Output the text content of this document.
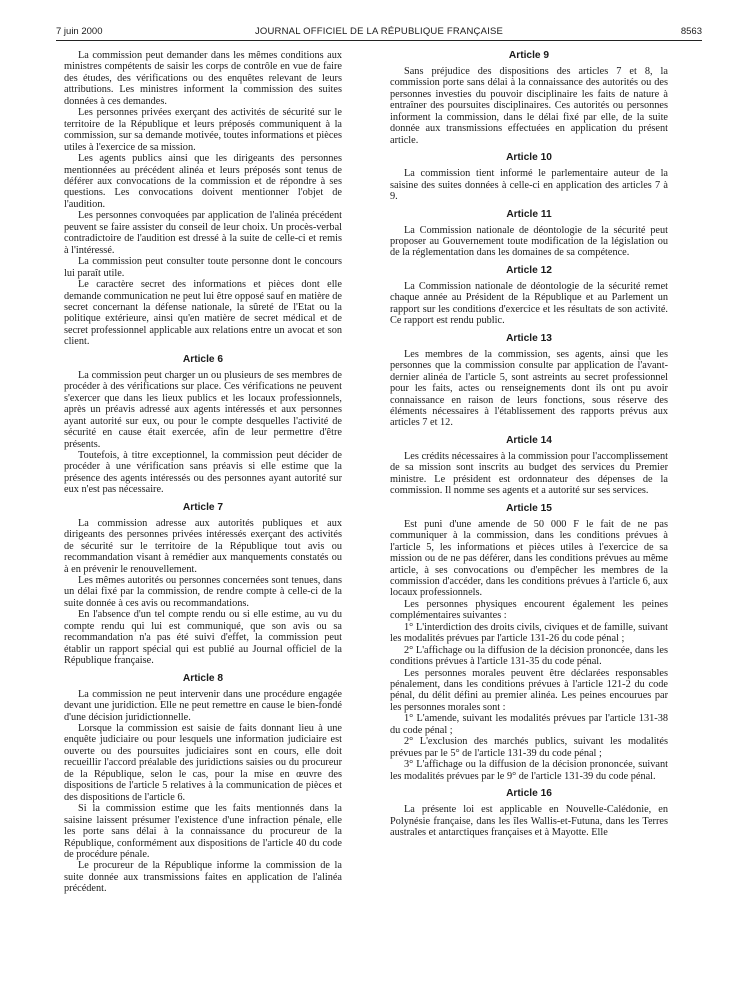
7 juin 2000	JOURNAL OFFICIEL DE LA RÉPUBLIQUE FRANÇAISE	8563

La commission peut demander dans les mêmes conditions aux ministres compétents de saisir les corps de contrôle en vue de faire des études, des vérifications ou des enquêtes relevant de leurs attributions. Les ministres informent la commission des suites données à ces demandes.

Les personnes privées exerçant des activités de sécurité sur le territoire de la République et leurs préposés communiquent à la commission, sur sa demande motivée, toutes informations et pièces utiles à l'exercice de sa mission.

Les agents publics ainsi que les dirigeants des personnes mentionnées au précédent alinéa et leurs préposés sont tenus de déférer aux convocations de la commission et de répondre à ses questions. Les convocations doivent mentionner l'objet de l'audition.

Les personnes convoquées par application de l'alinéa précédent peuvent se faire assister du conseil de leur choix. Un procès-verbal contradictoire de l'audition est dressé à la suite de celle-ci et remis à l'intéressé.

La commission peut consulter toute personne dont le concours lui paraît utile.

Le caractère secret des informations et pièces dont elle demande communication ne peut lui être opposé sauf en matière de secret concernant la défense nationale, la sûreté de l'Etat ou la politique extérieure, ainsi qu'en matière de secret médical et de secret professionnel applicable aux relations entre un avocat et son client.

Article 6

La commission peut charger un ou plusieurs de ses membres de procéder à des vérifications sur place. Ces vérifications ne peuvent s'exercer que dans les lieux publics et les locaux professionnels, après un préavis adressé aux agents intéressés et aux personnes ayant autorité sur eux, ou pour le compte desquelles l'activité de sécurité en cause était exercée, afin de leur permettre d'être présents.

Toutefois, à titre exceptionnel, la commission peut décider de procéder à une vérification sans préavis si elle estime que la présence des agents intéressés ou des personnes ayant autorité sur eux n'est pas nécessaire.

Article 7

La commission adresse aux autorités publiques et aux dirigeants des personnes privées intéressés exerçant des activités de sécurité sur le territoire de la République tout avis ou recommandation visant à remédier aux manquements constatés ou à en prévenir le renouvellement.

Les mêmes autorités ou personnes concernées sont tenues, dans un délai fixé par la commission, de rendre compte à celle-ci de la suite donnée à ces avis ou recommandations.

En l'absence d'un tel compte rendu ou si elle estime, au vu du compte rendu qui lui est communiqué, que son avis ou sa recommandation n'a pas été suivi d'effet, la commission peut établir un rapport spécial qui est publié au Journal officiel de la République française.

Article 8

La commission ne peut intervenir dans une procédure engagée devant une juridiction. Elle ne peut remettre en cause le bien-fondé d'une décision juridictionnelle.

Lorsque la commission est saisie de faits donnant lieu à une enquête judiciaire ou pour lesquels une information judiciaire est ouverte ou des poursuites judiciaires sont en cours, elle doit recueillir l'accord préalable des juridictions saisies ou du procureur de la République, selon le cas, pour la mise en œuvre des dispositions de l'article 5 relatives à la communication de pièces et des dispositions de l'article 6.

Si la commission estime que les faits mentionnés dans la saisine laissent présumer l'existence d'une infraction pénale, elle les porte sans délai à la connaissance du procureur de la République, conformément aux dispositions de l'article 40 du code de procédure pénale.

Le procureur de la République informe la commission de la suite donnée aux transmissions faites en application de l'alinéa précédent.

Article 9

Sans préjudice des dispositions des articles 7 et 8, la commission porte sans délai à la connaissance des autorités ou des personnes investies du pouvoir disciplinaire les faits de nature à entraîner des poursuites disciplinaires. Ces autorités ou personnes informent la commission, dans le délai fixé par elle, de la suite donnée aux transmissions effectuées en application du présent article.

Article 10

La commission tient informé le parlementaire auteur de la saisine des suites données à celle-ci en application des articles 7 à 9.

Article 11

La Commission nationale de déontologie de la sécurité peut proposer au Gouvernement toute modification de la législation ou de la réglementation dans les domaines de sa compétence.

Article 12

La Commission nationale de déontologie de la sécurité remet chaque année au Président de la République et au Parlement un rapport sur les conditions d'exercice et les résultats de son activité. Ce rapport est rendu public.

Article 13

Les membres de la commission, ses agents, ainsi que les personnes que la commission consulte par application de l'avant-dernier alinéa de l'article 5, sont astreints au secret professionnel pour les faits, actes ou renseignements dont ils ont pu avoir connaissance en raison de leurs fonctions, sous réserve des éléments nécessaires à l'établissement des rapports prévus aux articles 7 et 12.

Article 14

Les crédits nécessaires à la commission pour l'accomplissement de sa mission sont inscrits au budget des services du Premier ministre. Le président est ordonnateur des dépenses de la commission. Il nomme ses agents et a autorité sur ses services.

Article 15

Est puni d'une amende de 50 000 F le fait de ne pas communiquer à la commission, dans les conditions prévues à l'article 5, les informations et pièces utiles à l'exercice de sa mission ou de ne pas déférer, dans les conditions prévues au même article, à ses convocations ou d'empêcher les membres de la commission d'accéder, dans les conditions prévues à l'article 6, aux locaux professionnels.

Les personnes physiques encourent également les peines complémentaires suivantes :

1° L'interdiction des droits civils, civiques et de famille, suivant les modalités prévues par l'article 131-26 du code pénal ;

2° L'affichage ou la diffusion de la décision prononcée, dans les conditions prévues à l'article 131-35 du code pénal.

Les personnes morales peuvent être déclarées responsables pénalement, dans les conditions prévues à l'article 121-2 du code pénal, du délit défini au premier alinéa. Les peines encourues par les personnes morales sont :

1° L'amende, suivant les modalités prévues par l'article 131-38 du code pénal ;

2° L'exclusion des marchés publics, suivant les modalités prévues par le 5° de l'article 131-39 du code pénal ;

3° L'affichage ou la diffusion de la décision prononcée, suivant les modalités prévues par le 9° de l'article 131-39 du code pénal.

Article 16

La présente loi est applicable en Nouvelle-Calédonie, en Polynésie française, dans les îles Wallis-et-Futuna, dans les Terres australes et antarctiques françaises et à Mayotte. Elle
